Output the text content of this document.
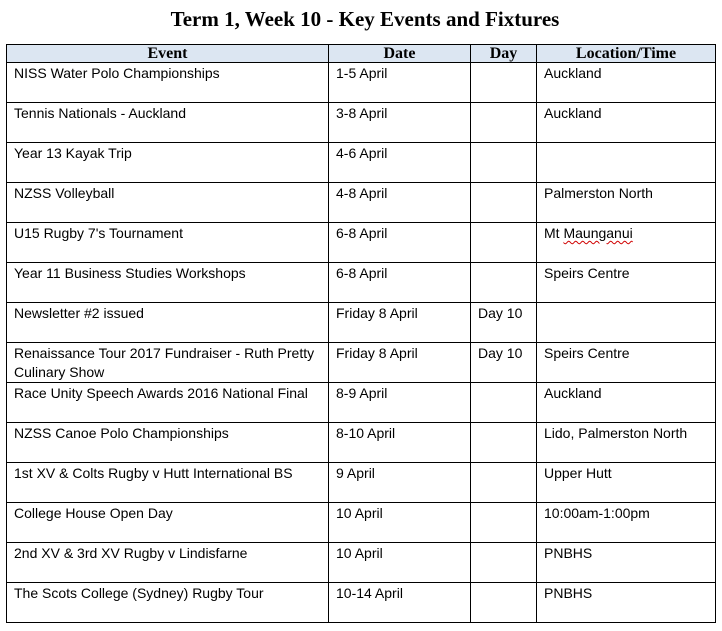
Term 1, Week 10 - Key Events and Fixtures
Event	Date	Day	Location/Time
NISS Water Polo Championships	1-5 April		Auckland
Tennis Nationals - Auckland	3-8 April		Auckland
Year 13 Kayak Trip	4-6 April		
NZSS Volleyball	4-8 April		Palmerston North
U15 Rugby 7's Tournament	6-8 April		Mt Maunganui
Year 11 Business Studies Workshops	6-8 April		Speirs Centre
Newsletter #2 issued	Friday 8 April	Day 10	
Renaissance Tour 2017 Fundraiser - Ruth Pretty Culinary Show	Friday 8 April	Day 10	Speirs Centre
Race Unity Speech Awards 2016 National Final	8-9 April		Auckland
NZSS Canoe Polo Championships	8-10 April		Lido, Palmerston North
1st XV & Colts Rugby v Hutt International BS	9 April		Upper Hutt
College House Open Day	10 April		10:00am-1:00pm
2nd XV & 3rd XV Rugby v Lindisfarne	10 April		PNBHS
The Scots College (Sydney) Rugby Tour	10-14 April		PNBHS
